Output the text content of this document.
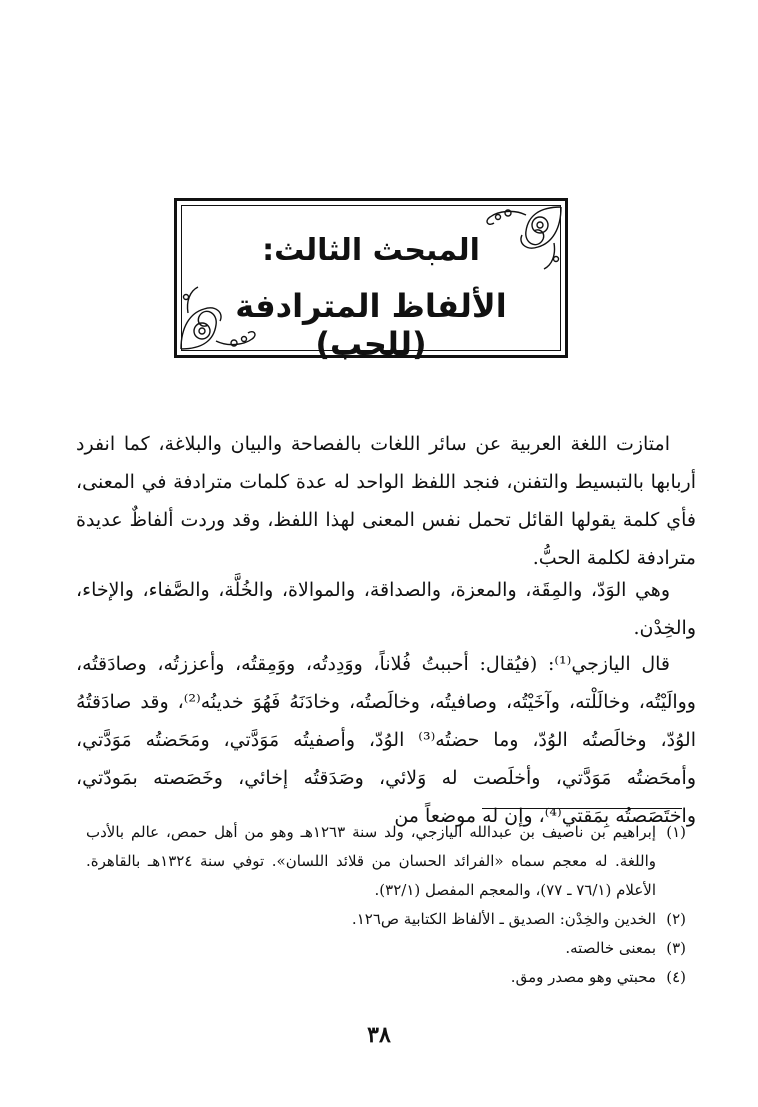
المبحث الثالث:
الألفاظ المترادفة (للحب)

امتازت اللغة العربية عن سائر اللغات بالفصاحة والبيان والبلاغة، كما انفرد أربابها بالتبسيط والتفنن، فنجد اللفظ الواحد له عدة كلمات مترادفة في المعنى، فأي كلمة يقولها القائل تحمل نفس المعنى لهذا اللفظ، وقد وردت ألفاظٌ عديدة مترادفة لكلمة الحبُّ.

وهي الوَدّ، والمِقَة، والمعزة، والصداقة، والموالاة، والخُلَّة، والصَّفاء، والإخاء، والخِدْن.

قال اليازجي⁽¹⁾: (فيُقال: أحببتُ فُلاناً، ووَدِدتُه، ووَمِقتُه، وأعززتُه، وصادَقتُه، ووالَيْتُه، وخالَلْته، وآخَيْتُه، وصافيتُه، وخالَصتُه، وخادَنَهُ فَهُوَ خدينُه⁽²⁾، وقد صادَقتُهُ الوُدّ، وخالَصتُه الوُدّ، وما حضتُه⁽³⁾ الوُدّ، وأصفيتُه مَوَدَّتي، ومَحَضتُه مَوَدَّتي، وأمحَضتُه مَوَدَّتي، وأخلَصت له وَلائي، وصَدَقتُه إخائي، وخَصَصته بمَودّتي، واختَصَصتُه بِمَقتي⁽⁴⁾، وإن له موضعاً من

(١)
إبراهيم بن ناصيف بن عبدالله اليازجي، ولد سنة ١٢٦٣هـ وهو من أهل حمص، عالم بالأدب واللغة. له معجم سماه «الفرائد الحسان من قلائد اللسان». توفي سنة ١٣٢٤هـ بالقاهرة. الأعلام (٧٦/١ ـ ٧٧)، والمعجم المفصل (٣٢/١).
(٢)
الخدين والخِدْن: الصديق ـ الألفاظ الكتابية ص١٢٦.
(٣)
بمعنى خالصته.
(٤)
محبتي وهو مصدر ومق.
٣٨
